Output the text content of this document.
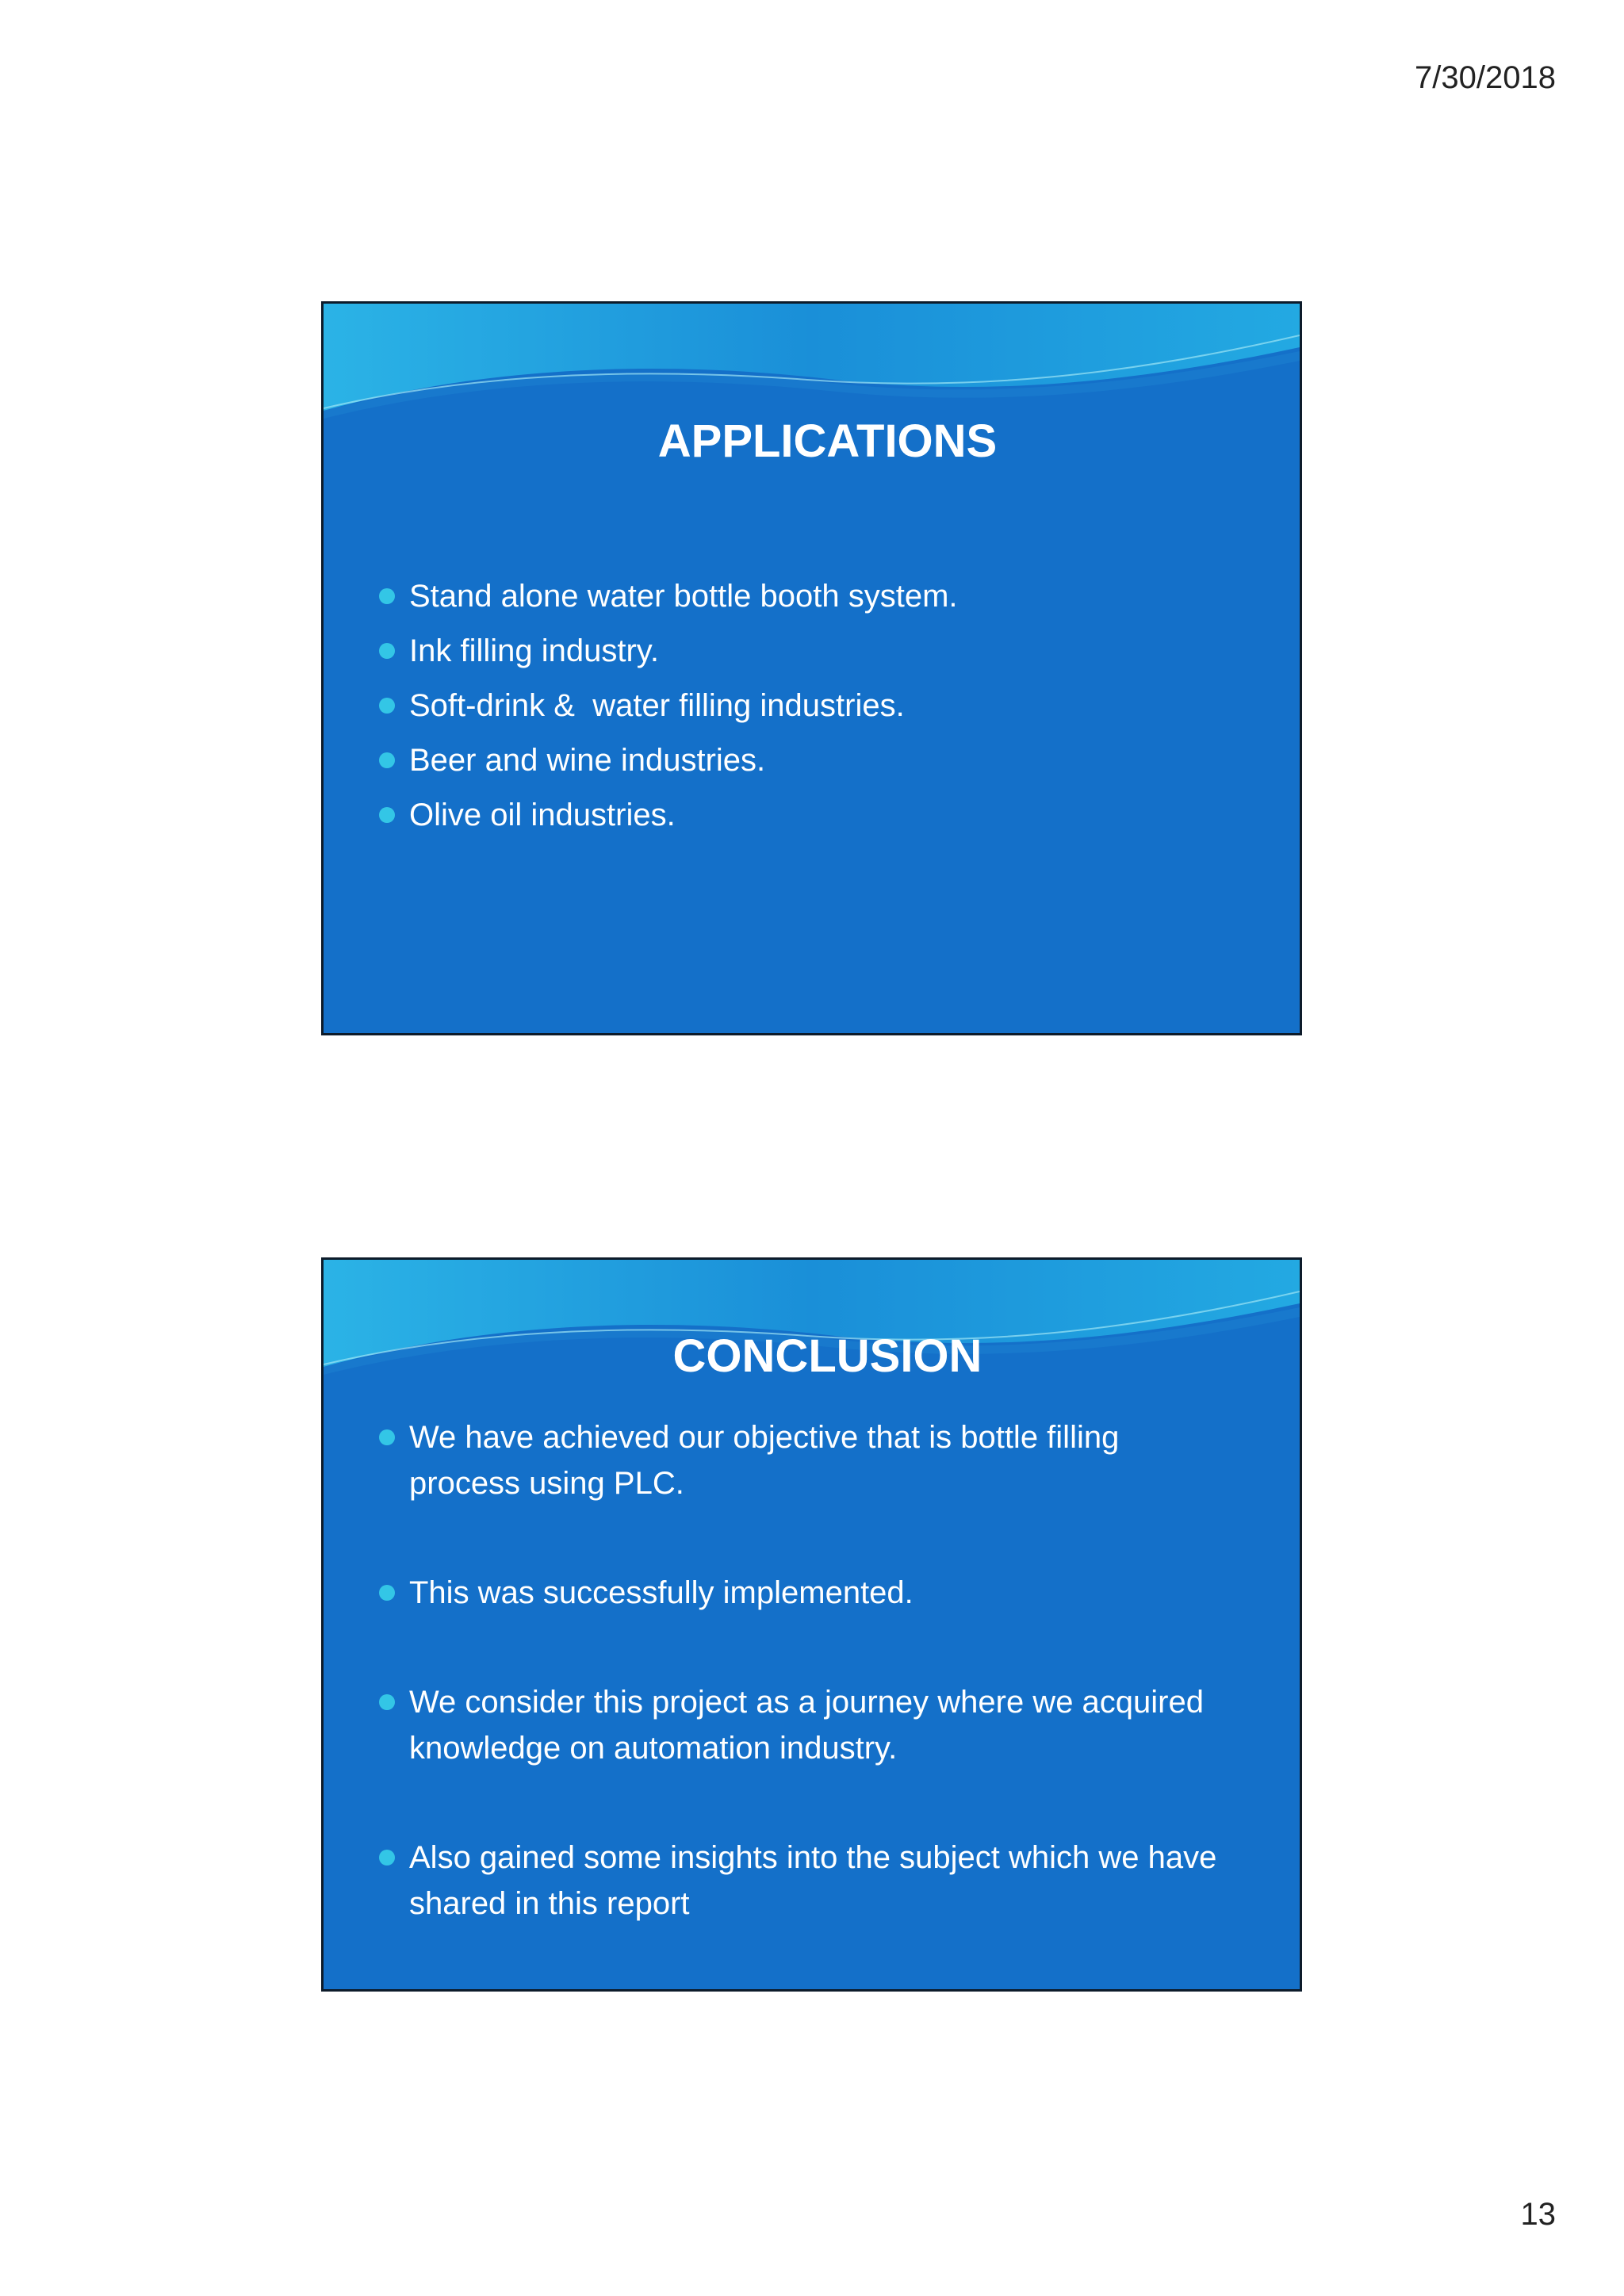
7/30/2018
APPLICATIONS
Stand alone water bottle booth system.
Ink filling industry.
Soft-drink &  water filling industries.
Beer and wine industries.
Olive oil industries.
CONCLUSION
We have achieved our objective that is bottle filling process using PLC.
This was successfully implemented.
We consider this project as a journey where we acquired knowledge on automation industry.
Also gained some insights into the subject which we have shared in this report
13
